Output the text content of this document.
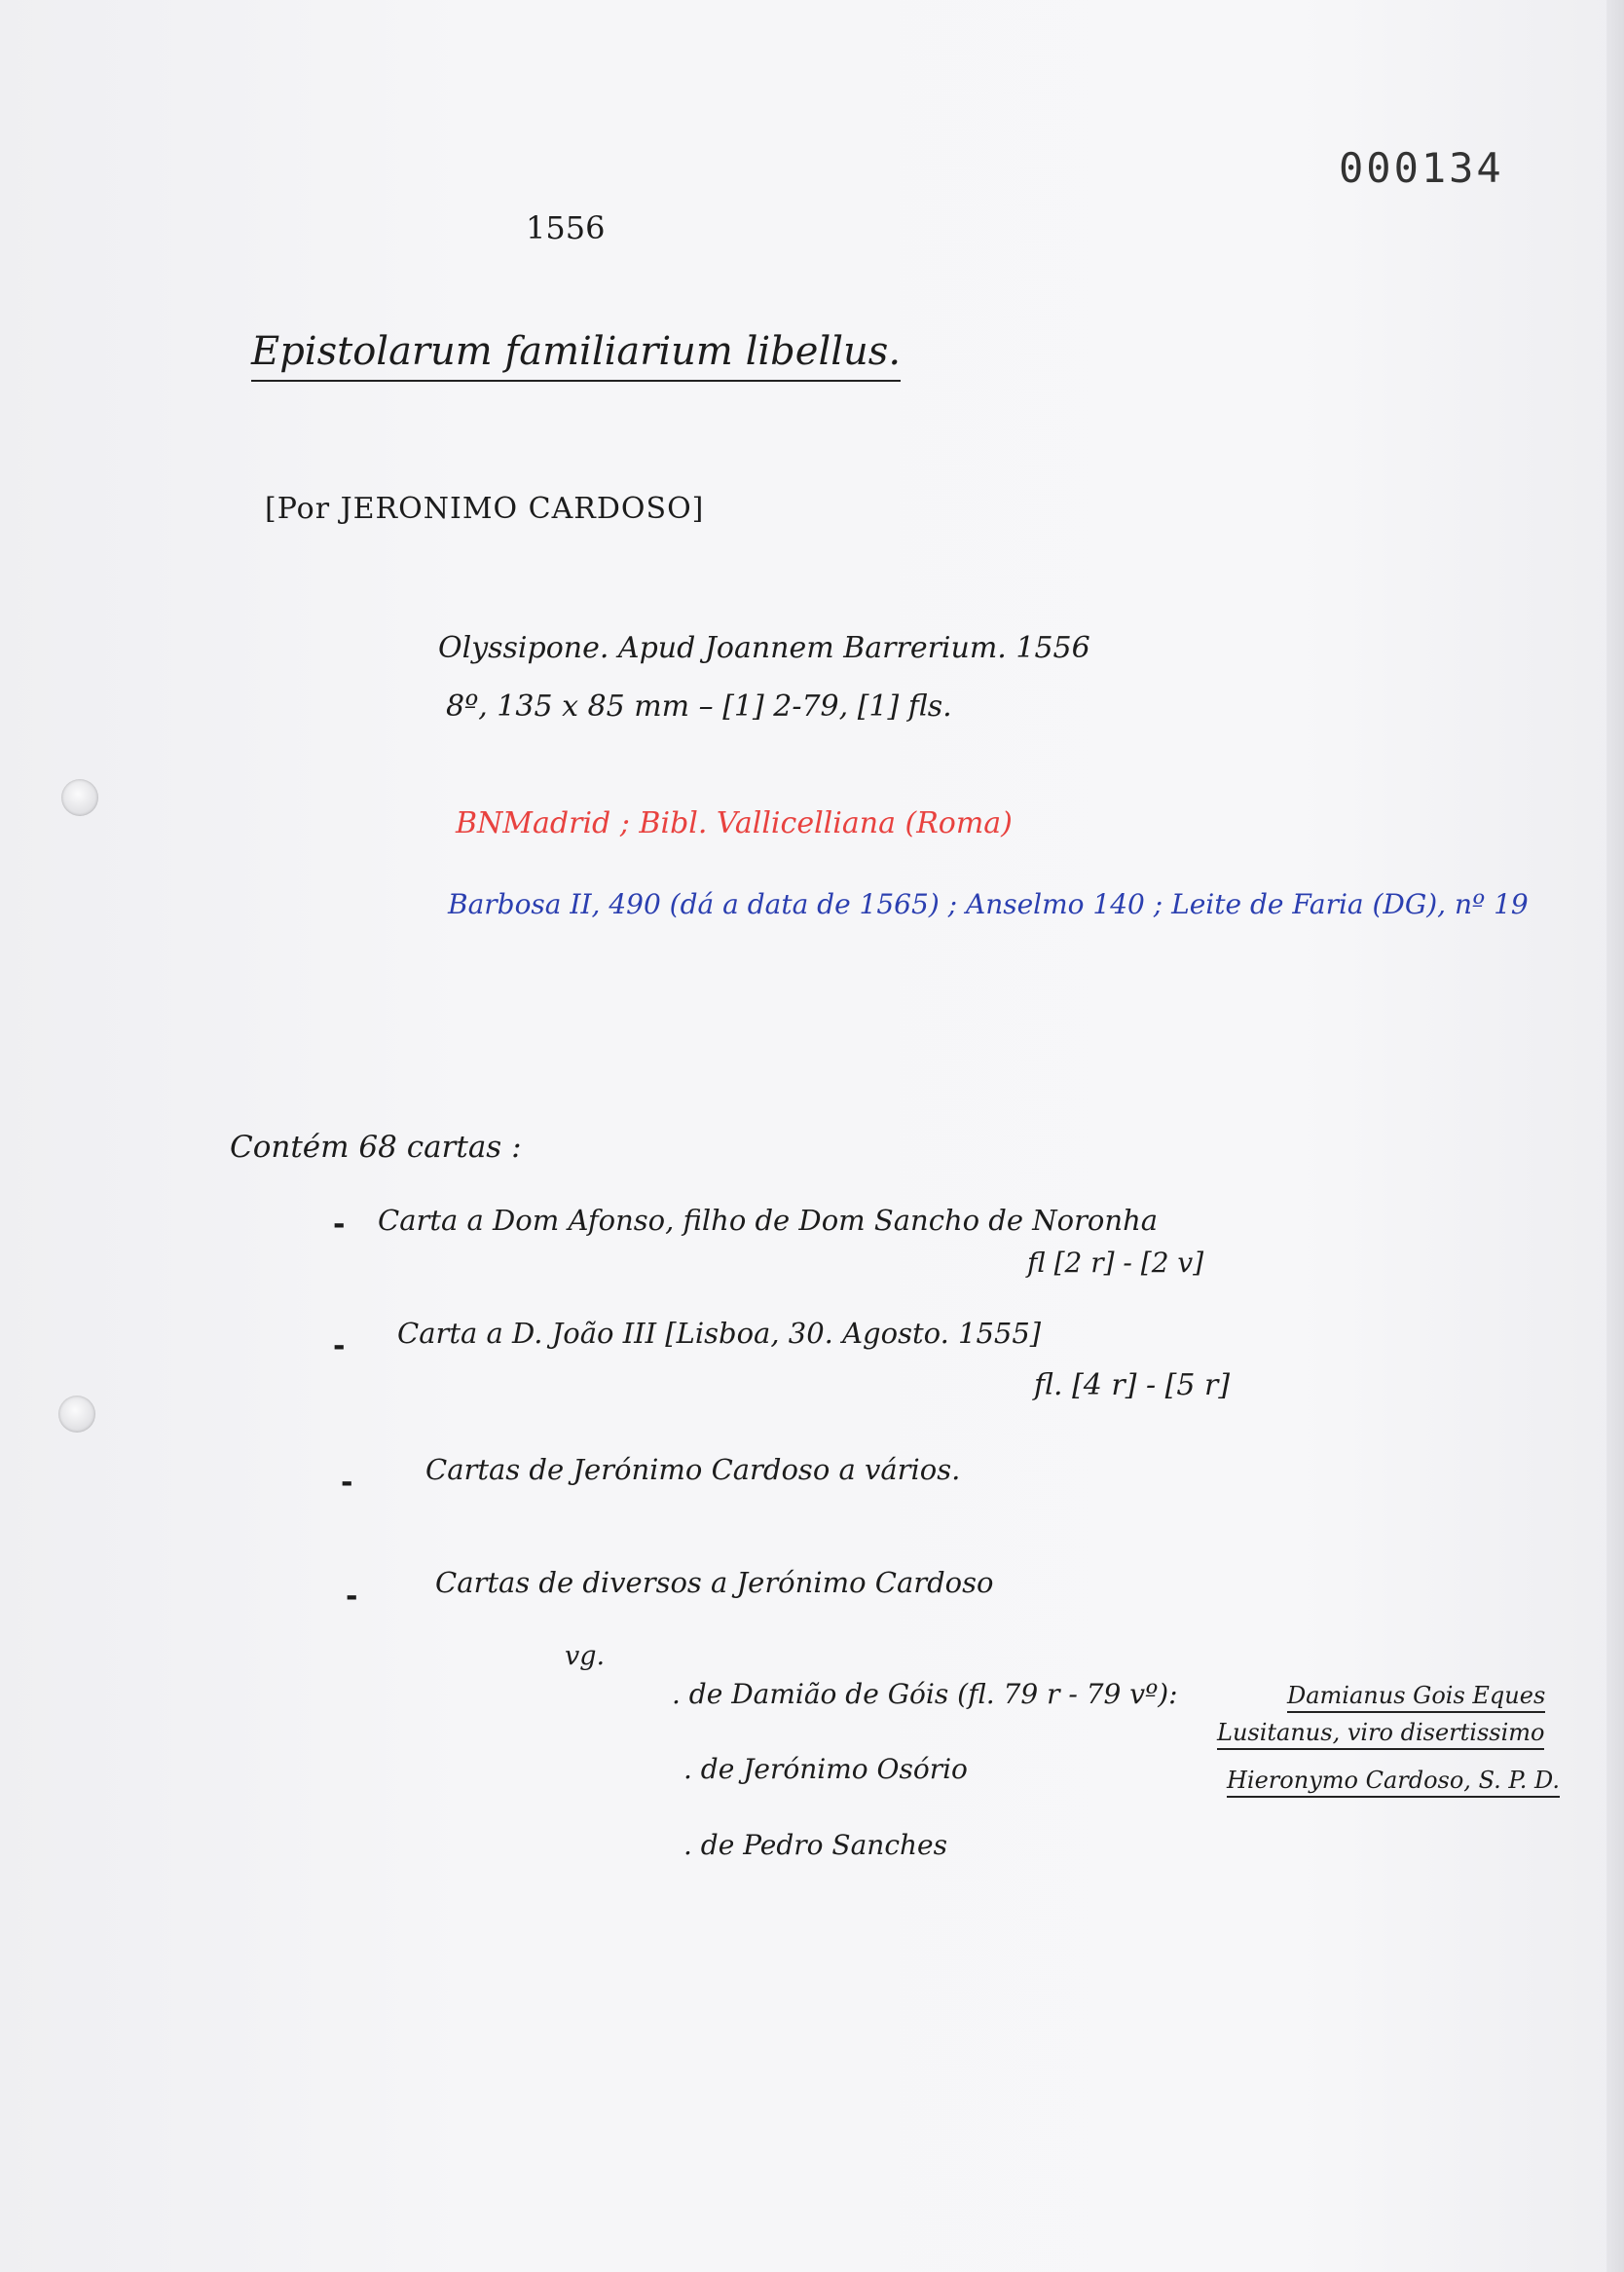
000134
1556
Epistolarum familiarium libellus.
[Por JERONIMO CARDOSO]
Olyssipone. Apud Joannem Barrerium. 1556
8º, 135 x 85 mm – [1] 2-79, [1] fls.
BNMadrid ; Bibl. Vallicelliana (Roma)
Barbosa II, 490 (dá a data de 1565) ; Anselmo 140 ; Leite de Faria (DG), nº 19
Contém 68 cartas :
- Carta a Dom Afonso, filho de Dom Sancho de Noronha
fl [2 r] - [2 v]
- Carta a D. João III [Lisboa, 30. Agosto. 1555]
fl. [4 r] - [5 r]
-	Cartas de Jerónimo Cardoso a vários.
-	Cartas de diversos a Jerónimo Cardoso
vg.
. de Damião de Góis (fl. 79 r - 79 vº):
. de Jerónimo Osório
. de Pedro Sanches
Damianus Gois Eques
Lusitanus, viro disertissimo
Hieronymo Cardoso, S. P. D.
